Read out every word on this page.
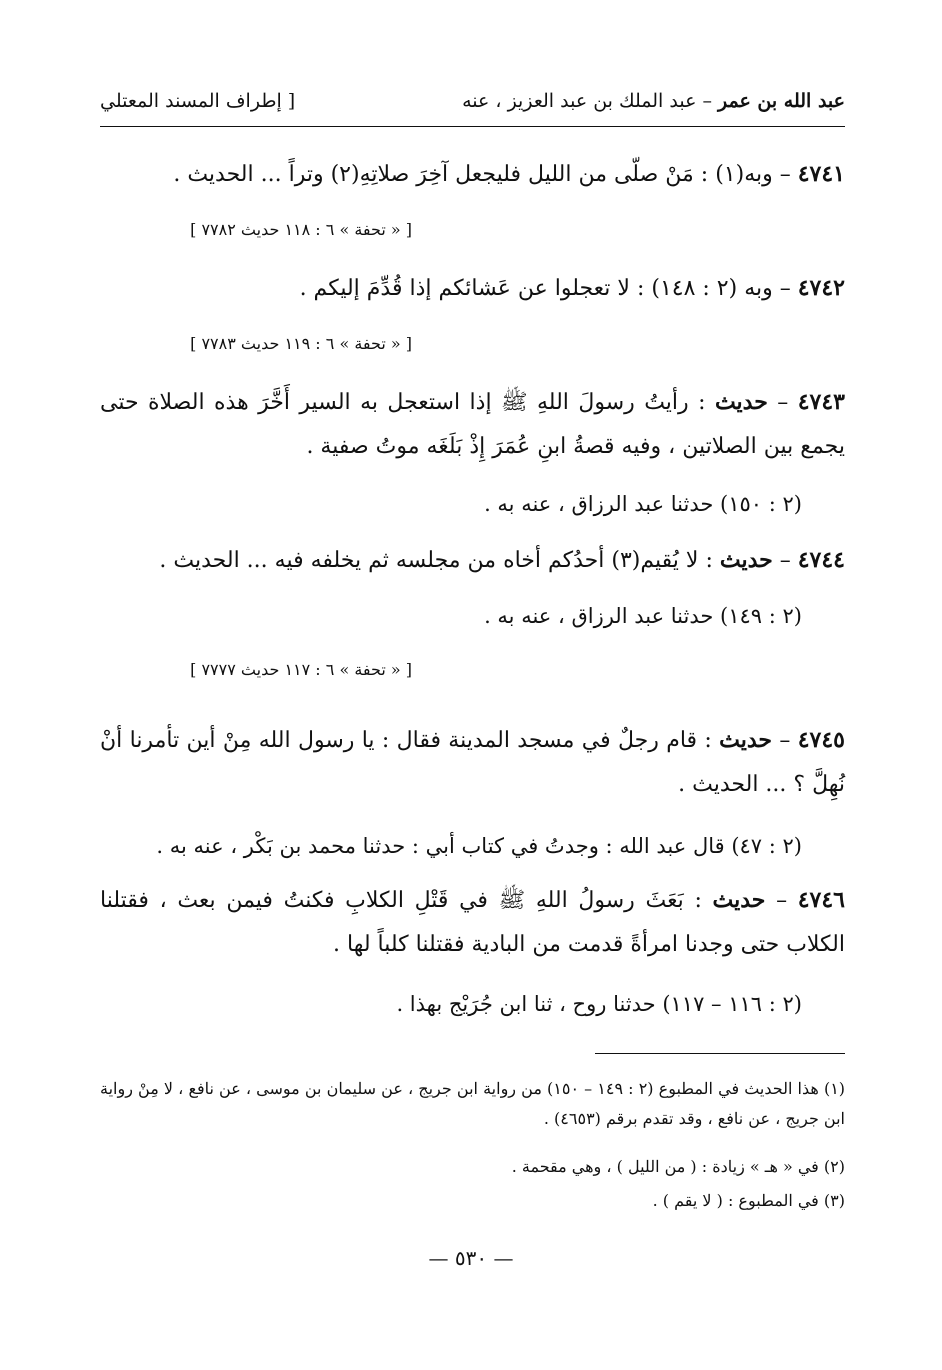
عبد الله بن عمر – عبد الملك بن عبد العزيز ، عنه
[ إطراف المسند المعتلي
٤٧٤١ – وبه(١) : مَنْ صلّى من الليل فليجعل آخِرَ صلاتِهِ(٢) وتراً ... الحديث .
[ « تحفة » ٦ : ١١٨ حديث ٧٧٨٢ ]
٤٧٤٢ – وبه (٢ : ١٤٨) : لا تعجلوا عن عَشائكم إذا قُدِّمَ إليكم .
[ « تحفة » ٦ : ١١٩ حديث ٧٧٨٣ ]
٤٧٤٣ – حديث : رأيتُ رسولَ اللهِ ﷺ إذا استعجل به السير أَخَّرَ هذه الصلاة حتى يجمع بين الصلاتين ، وفيه قصةُ ابنِ عُمَرَ إِذْ بَلَغَه موتُ صفية .
(٢ : ١٥٠) حدثنا عبد الرزاق ، عنه به .
٤٧٤٤ – حديث : لا يُقيم(٣) أحدُكم أخاه من مجلسه ثم يخلفه فيه ... الحديث .
(٢ : ١٤٩) حدثنا عبد الرزاق ، عنه به .
[ « تحفة » ٦ : ١١٧ حديث ٧٧٧٧ ]
٤٧٤٥ – حديث : قام رجلٌ في مسجد المدينة فقال : يا رسول الله مِنْ أين تأمرنا أنْ نُهِلَّ ؟ ... الحديث .
(٢ : ٤٧) قال عبد الله : وجدتُ في كتاب أبي : حدثنا محمد بن بَكْر ، عنه به .
٤٧٤٦ – حديث : بَعَثَ رسولُ اللهِ ﷺ في قَتْلِ الكلابِ فكنتُ فيمن بعث ، فقتلنا الكلاب حتى وجدنا امرأةً قدمت من البادية فقتلنا كلباً لها .
(٢ : ١١٦ – ١١٧) حدثنا روح ، ثنا ابن جُرَيْج بهذا .
(١) هذا الحديث في المطبوع (٢ : ١٤٩ – ١٥٠) من رواية ابن جريج ، عن سليمان بن موسى ، عن نافع ، لا مِنْ رواية ابن جريج ، عن نافع ، وقد تقدم برقم (٤٦٥٣) .
(٢) في « هـ » زيادة : ( من الليل ) ، وهي مقحمة .
(٣) في المطبوع : ( لا يقم ) .
— ٥٣٠ —
